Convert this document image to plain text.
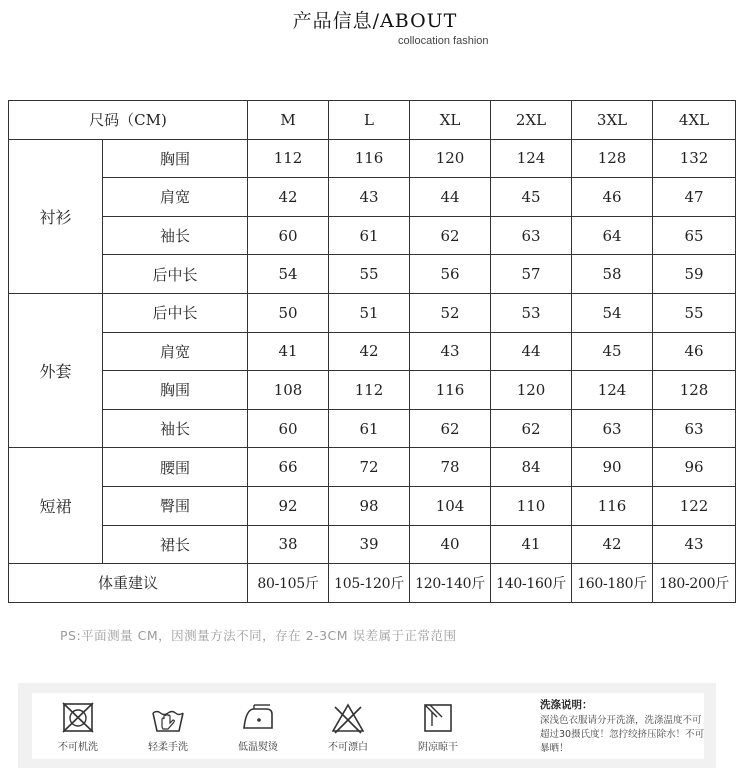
产品信息/ABOUT
collocation fashion
尺码（CM)		M	L	XL	2XL	3XL	4XL
衬衫	胸围	112	116	120	124	128	132
	肩宽	42	43	44	45	46	47
	袖长	60	61	62	63	64	65
	后中长	54	55	56	57	58	59
外套	后中长	50	51	52	53	54	55
	肩宽	41	42	43	44	45	46
	胸围	108	112	116	120	124	128
	袖长	60	61	62	62	63	63
短裙	腰围	66	72	78	84	90	96
	臀围	92	98	104	110	116	122
	裙长	38	39	40	41	42	43
体重建议		80-105斤	105-120斤	120-140斤	140-160斤	160-180斤	180-200斤
PS:平面测量 CM，因测量方法不同，存在 2-3CM 误差属于正常范围
不可机洗	轻柔手洗	低温熨烫	不可漂白	阴凉晾干
洗涤说明：
深浅色衣服请分开洗涤，洗涤温度不可超过30摄氏度！忽拧绞挤压除水！不可暴晒！
